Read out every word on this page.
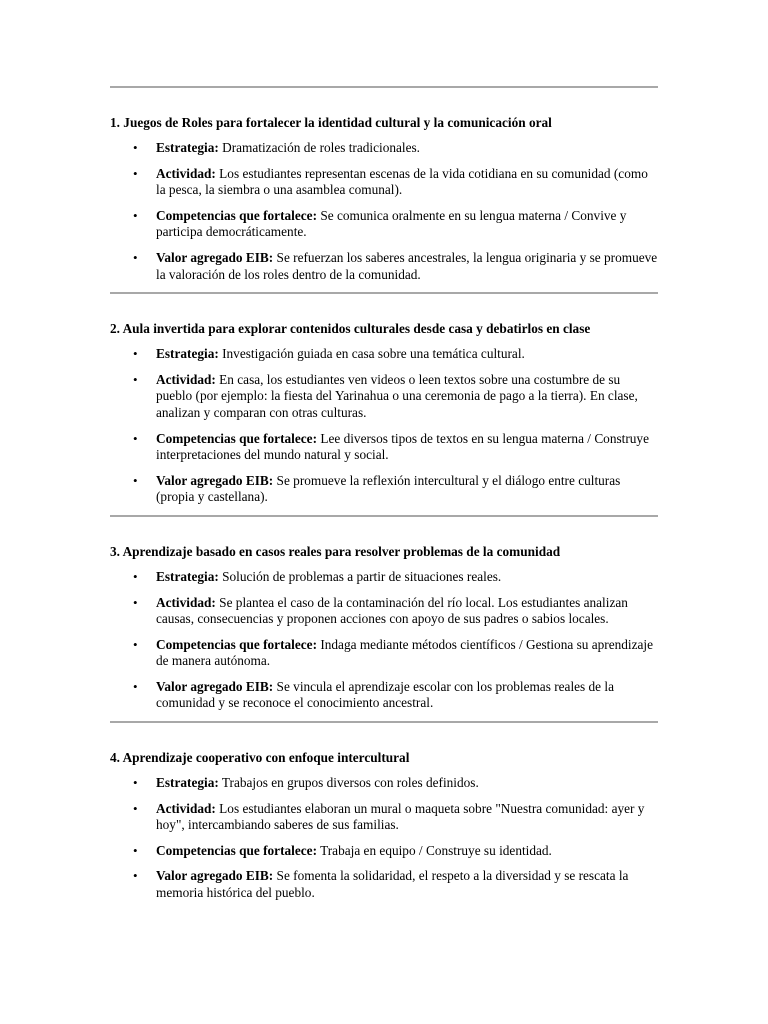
1. Juegos de Roles para fortalecer la identidad cultural y la comunicación oral
• Estrategia: Dramatización de roles tradicionales.
• Actividad: Los estudiantes representan escenas de la vida cotidiana en su comunidad (como la pesca, la siembra o una asamblea comunal).
• Competencias que fortalece: Se comunica oralmente en su lengua materna / Convive y participa democráticamente.
• Valor agregado EIB: Se refuerzan los saberes ancestrales, la lengua originaria y se promueve la valoración de los roles dentro de la comunidad.
2. Aula invertida para explorar contenidos culturales desde casa y debatirlos en clase
• Estrategia: Investigación guiada en casa sobre una temática cultural.
• Actividad: En casa, los estudiantes ven videos o leen textos sobre una costumbre de su pueblo (por ejemplo: la fiesta del Yarinahua o una ceremonia de pago a la tierra). En clase, analizan y comparan con otras culturas.
• Competencias que fortalece: Lee diversos tipos de textos en su lengua materna / Construye interpretaciones del mundo natural y social.
• Valor agregado EIB: Se promueve la reflexión intercultural y el diálogo entre culturas (propia y castellana).
3. Aprendizaje basado en casos reales para resolver problemas de la comunidad
• Estrategia: Solución de problemas a partir de situaciones reales.
• Actividad: Se plantea el caso de la contaminación del río local. Los estudiantes analizan causas, consecuencias y proponen acciones con apoyo de sus padres o sabios locales.
• Competencias que fortalece: Indaga mediante métodos científicos / Gestiona su aprendizaje de manera autónoma.
• Valor agregado EIB: Se vincula el aprendizaje escolar con los problemas reales de la comunidad y se reconoce el conocimiento ancestral.
4. Aprendizaje cooperativo con enfoque intercultural
• Estrategia: Trabajos en grupos diversos con roles definidos.
• Actividad: Los estudiantes elaboran un mural o maqueta sobre "Nuestra comunidad: ayer y hoy", intercambiando saberes de sus familias.
• Competencias que fortalece: Trabaja en equipo / Construye su identidad.
• Valor agregado EIB: Se fomenta la solidaridad, el respeto a la diversidad y se rescata la memoria histórica del pueblo.
